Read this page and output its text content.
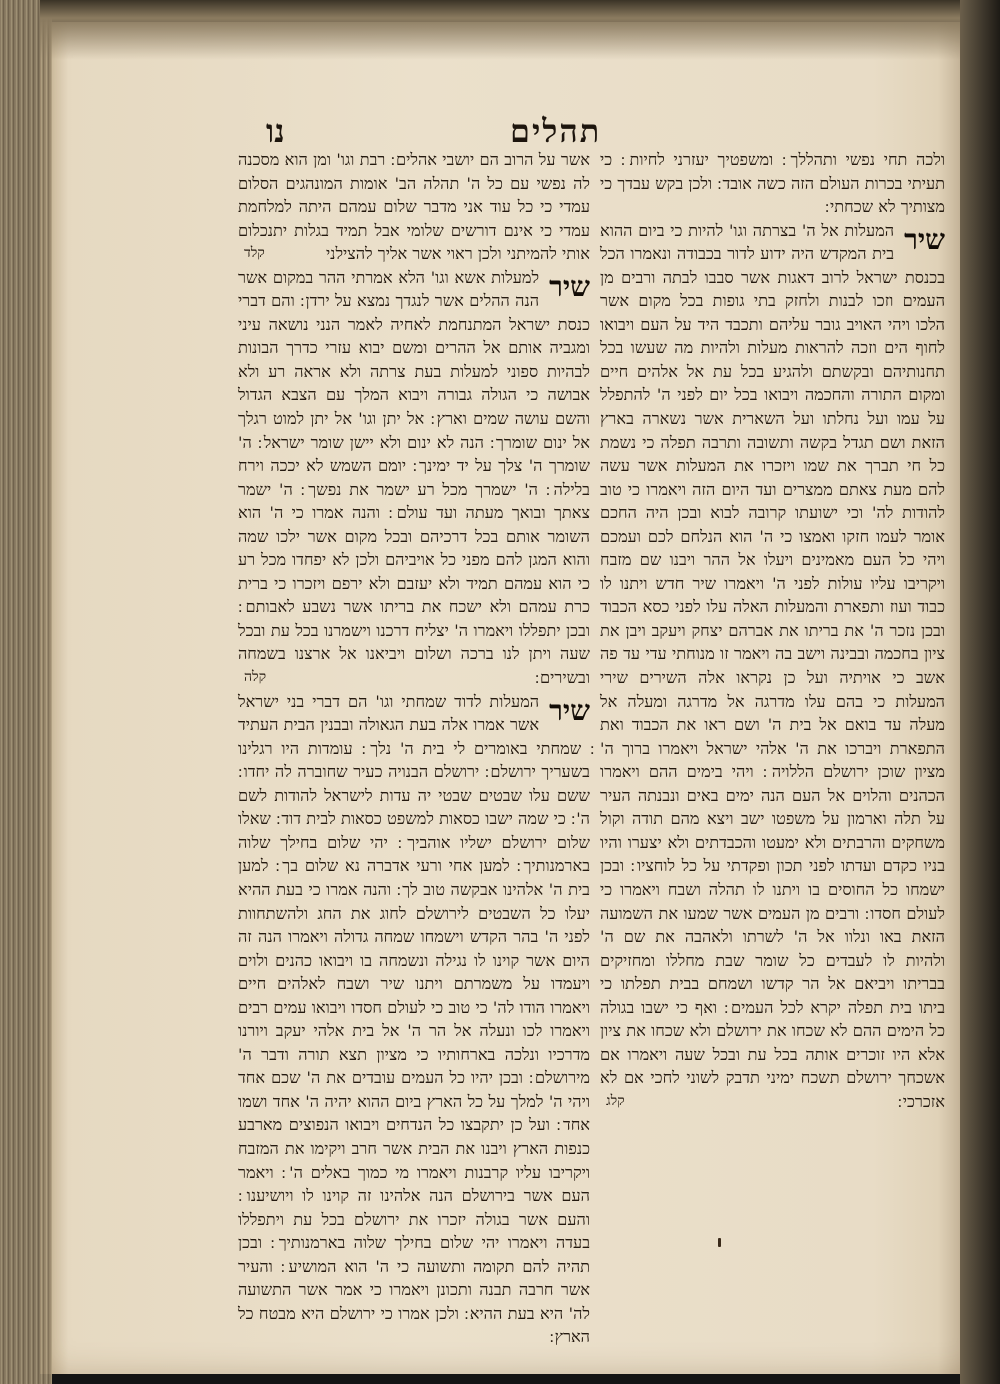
תהלים
נו

ולכה תחי נפשי ותהללך ׃ ומשפטיך יעזרני לחיות ׃ כי תעיתי בכרות העולם הזה כשה אובד ׃ ולכן בקש עבדך כי מצותיך לא שכחתי ׃

שיר
המעלות אל ה' בצרתה וגו' להיות כי ביום ההוא בית המקדש היה ידוע לדור בכבודה ונאמרו הכל בכנסת ישראל לרוב דאגות אשר סבבו לבתה ורבים מן העמים וזכו לבנות ולחזק בתי גופות בכל מקום אשר הלכו ויהי האויב גובר עליהם ותכבד היד על העם ויבואו לחוף הים וזכה להראות מעלות ולהיות מה שעשו בכל תחנותיהם ובקשתם ולהגיע בכל עת אל אלהים חיים ומקום התורה והחכמה ויבואו בכל יום לפני ה' להתפלל על עמו ועל נחלתו ועל השארית אשר נשארה בארץ הזאת ושם תגדל בקשה ותשובה ותרבה תפלה כי נשמת כל חי תברך את שמו ויזכרו את המעלות אשר עשה להם מעת צאתם ממצרים ועד היום הזה ויאמרו כי טוב להודות לה' וכי ישועתו קרובה לבוא ובכן היה החכם אומר לעמו חזקו ואמצו כי ה' הוא הנלחם לכם ועמכם ויהי כל העם מאמינים ויעלו אל ההר ויבנו שם מזבח ויקריבו עליו עולות לפני ה' ויאמרו שיר חדש ויתנו לו כבוד ועוז ותפארת והמעלות האלה עלו לפני כסא הכבוד ובכן נזכר ה' את בריתו את אברהם יצחק ויעקב ויבן את ציון בחכמה ובבינה וישב בה ויאמר זו מנוחתי עדי עד פה אשב כי אויתיה ועל כן נקראו אלה השירים שירי המעלות כי בהם עלו מדרגה אל מדרגה ומעלה אל מעלה עד בואם אל בית ה' ושם ראו את הכבוד ואת התפארת ויברכו את ה' אלהי ישראל ויאמרו ברוך ה' מציון שוכן ירושלם הללויה ׃ ויהי בימים ההם ויאמרו הכהנים והלוים אל העם הנה ימים באים ונבנתה העיר על תלה וארמון על משפטו ישב ויצא מהם תודה וקול משחקים והרבתים ולא ימעטו והכבדתים ולא יצערו והיו בניו כקדם ועדתו לפני תכון ופקדתי על כל לוחציו ׃ ובכן ישמחו כל החוסים בו ויתנו לו תהלה ושבח ויאמרו כי לעולם חסדו ׃ ורבים מן העמים אשר שמעו את השמועה הזאת באו ונלוו אל ה' לשרתו ולאהבה את שם ה' ולהיות לו לעבדים כל שומר שבת מחללו ומחזיקים בבריתו ויביאם אל הר קדשו ושמחם בבית תפלתו כי ביתו בית תפלה יקרא לכל העמים ׃ ואף כי ישבו בגולה כל הימים ההם לא שכחו את ירושלם ולא שכחו את ציון אלא היו זוכרים אותה בכל עת ובכל שעה ויאמרו אם אשכחך ירושלם תשכח ימיני תדבק לשוני לחכי אם לא אזכרכי ׃
קלג

אשר על הרוב הם יושבי אהלים ׃ רבת וגו' ומן הוא מסכנה לה נפשי עם כל ה' תהלה הב' אומות המונהגים הסלום עמדי כי כל עוד אני מדבר שלום עמהם היתה למלחמת עמדי כי אינם דורשים שלומי אבל תמיד בגלות יתנכלום אותי להמיתני ולכן ראוי אשר אליך להצילני
קלד

שיר
למעלות אשא וגו' הלא אמרתי ההר במקום אשר הנה ההלים אשר לנגדך נמצא על ירדן ׃ והם דברי כנסת ישראל המתנחמת לאחיה לאמר הנני נושאה עיני ומגביה אותם אל ההרים ומשם יבוא עזרי כדרך הבונות לבהיות ספוני למעלות בעת צרתה ולא אראה רע ולא אבושה כי הגולה גבורה ויבוא המלך עם הצבא הגדול והשם עושה שמים וארץ ׃ אל יתן וגו' אל יתן למוט רגלך אל ינום שומרך ׃ הנה לא ינום ולא יישן שומר ישראל ׃ ה' שומרך ה' צלך על יד ימינך ׃ יומם השמש לא יככה וירח בלילה ׃ ה' ישמרך מכל רע ישמר את נפשך ׃ ה' ישמר צאתך ובואך מעתה ועד עולם ׃ והנה אמרו כי ה' הוא השומר אותם בכל דרכיהם ובכל מקום אשר ילכו שמה והוא המגן להם מפני כל אויביהם ולכן לא יפחדו מכל רע כי הוא עמהם תמיד ולא יעזבם ולא ירפם ויזכרו כי ברית כרת עמהם ולא ישכח את בריתו אשר נשבע לאבותם ׃ ובכן יתפללו ויאמרו ה' יצליח דרכנו וישמרנו בכל עת ובכל שעה ויתן לנו ברכה ושלום ויביאנו אל ארצנו בשמחה ובשירים ׃
קלה

שיר
המעלות לדוד שמחתי וגו' הם דברי בני ישראל אשר אמרו אלה בעת הגאולה ובבנין הבית העתיד ׃ שמחתי באומרים לי בית ה' נלך ׃ עומדות היו רגלינו בשעריך ירושלם ׃ ירושלם הבנויה כעיר שחוברה לה יחדו ׃ ששם עלו שבטים שבטי יה עדות לישראל להודות לשם ה' ׃ כי שמה ישבו כסאות למשפט כסאות לבית דוד ׃ שאלו שלום ירושלם ישליו אוהביך ׃ יהי שלום בחילך שלוה בארמנותיך ׃ למען אחי ורעי אדברה נא שלום בך ׃ למען בית ה' אלהינו אבקשה טוב לך ׃ והנה אמרו כי בעת ההיא יעלו כל השבטים לירושלם לחוג את החג ולהשתחוות לפני ה' בהר הקדש וישמחו שמחה גדולה ויאמרו הנה זה היום אשר קוינו לו נגילה ונשמחה בו ויבואו כהנים ולוים ויעמדו על משמרתם ויתנו שיר ושבח לאלהים חיים ויאמרו הודו לה' כי טוב כי לעולם חסדו ויבואו עמים רבים ויאמרו לכו ונעלה אל הר ה' אל בית אלהי יעקב ויורנו מדרכיו ונלכה בארחותיו כי מציון תצא תורה ודבר ה' מירושלם ׃ ובכן יהיו כל העמים עובדים את ה' שכם אחד ויהי ה' למלך על כל הארץ ביום ההוא יהיה ה' אחד ושמו אחד ׃ ועל כן יתקבצו כל הנדחים ויבואו הנפוצים מארבע כנפות הארץ ויבנו את הבית אשר חרב ויקימו את המזבח ויקריבו עליו קרבנות ויאמרו מי כמוך באלים ה' ׃ ויאמר העם אשר בירושלם הנה אלהינו זה קוינו לו ויושיענו ׃ והעם אשר בגולה יזכרו את ירושלם בכל עת ויתפללו בעדה ויאמרו יהי שלום בחילך שלוה בארמנותיך ׃ ובכן תהיה להם תקומה ותשועה כי ה' הוא המושיע ׃ והעיר אשר חרבה תבנה ותכונן ויאמרו כי אמר אשר התשועה לה' היא בעת ההיא ׃ ולכן אמרו כי ירושלם היא מבטח כל הארץ ׃
